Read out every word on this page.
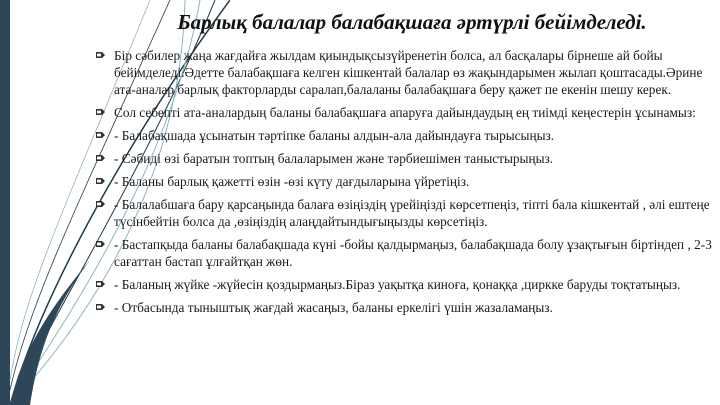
Барлық балалар балабақшаға әртүрлі бейімделеді.
Бір сәбилер жаңа жағдайға жылдам қиындықсызүйренетін болса, ал басқалары бірнеше ай бойы бейімделеді.Әдетте балабақшаға келген кішкентай балалар өз жақындарымен жылап қоштасады.Әрине ата-аналар барлық факторларды саралап,балаланы балабақшаға беру қажет пе екенін шешу керек.
Сол себепті ата-аналардың баланы балабақшаға апаруға дайындаудың ең тиімді кеңестерін ұсынамыз:
- Балабақшада ұсынатын тәртіпке баланы алдын-ала дайындауға тырысыңыз.
- Сәбиді өзі баратын топтың балаларымен және тәрбиешімен таныстырыңыз.
- Баланы барлық қажетті өзін -өзі күту дағдыларына үйретіңіз.
- Балалабшаға бару қарсаңында балаға өзіңіздің үрейіңізді көрсетпеңіз, тіпті бала кішкентай , әлі ештеңе түсінбейтін болса да ,өзіңіздің алаңдайтындығыңызды көрсетіңіз.
- Бастапқыда баланы балабақшада күні -бойы қалдырмаңыз, балабақшада болу ұзақтығын біртіндеп , 2-3 сағаттан бастап ұлғайтқан жөн.
- Баланың жүйке -жүйесін қоздырмаңыз.Біраз уақытқа киноға, қонаққа ,циркке баруды тоқтатыңыз.
- Отбасында тыныштық жағдай жасаңыз, баланы еркелігі үшін жазаламаңыз.
